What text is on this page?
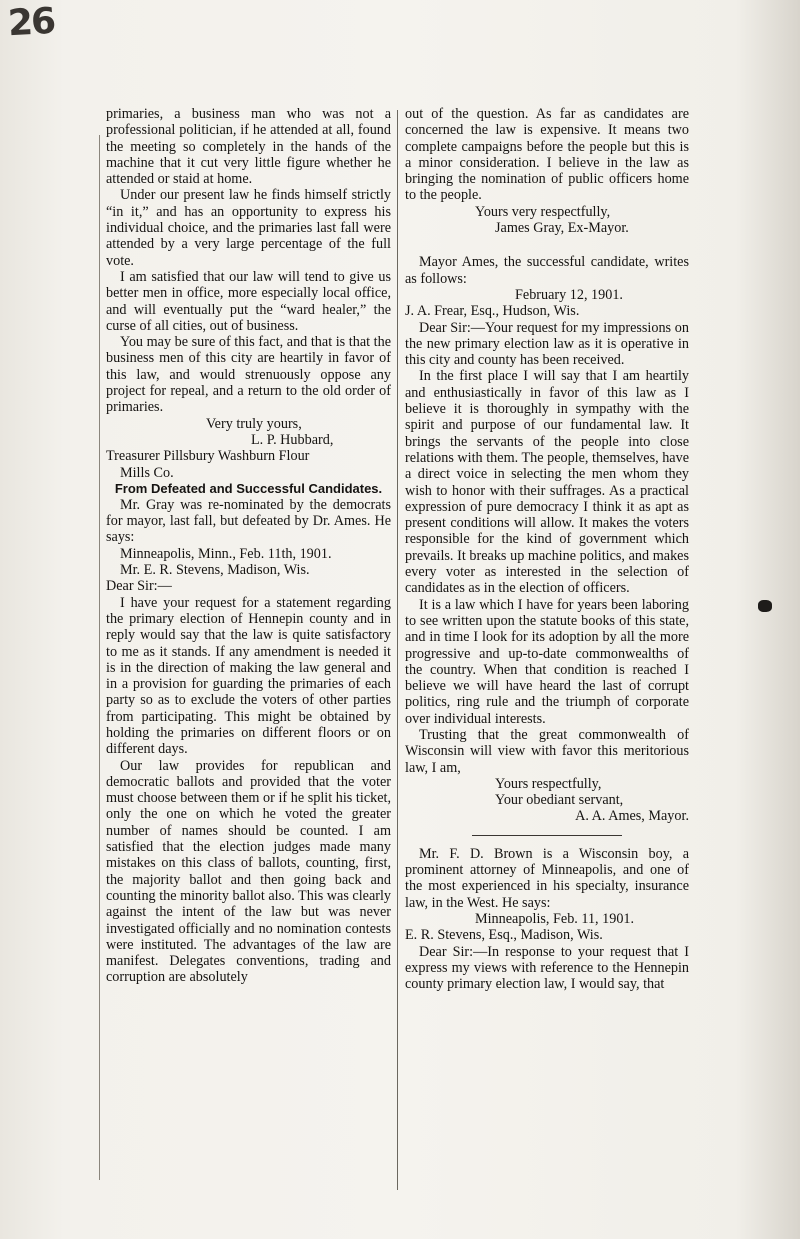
26

primaries, a business man who was not a professional politician, if he attended at all, found the meeting so completely in the hands of the machine that it cut very little figure whether he attended or staid at home.

Under our present law he finds himself strictly “in it,” and has an opportunity to express his individual choice, and the primaries last fall were attended by a very large percentage of the full vote.

I am satisfied that our law will tend to give us better men in office, more especially local office, and will eventually put the “ward healer,” the curse of all cities, out of business.

You may be sure of this fact, and that is that the business men of this city are heartily in favor of this law, and would strenuously oppose any project for repeal, and a return to the old order of primaries.

Very truly yours,

L. P. Hubbard,

Treasurer Pillsbury Washburn Flour

Mills Co.

From Defeated and Successful Candidates.

Mr. Gray was re-nominated by the democrats for mayor, last fall, but defeated by Dr. Ames. He says:

Minneapolis, Minn., Feb. 11th, 1901.

Mr. E. R. Stevens, Madison, Wis.

Dear Sir:—

I have your request for a statement regarding the primary election of Hennepin county and in reply would say that the law is quite satisfactory to me as it stands. If any amendment is needed it is in the direction of making the law general and in a provision for guarding the primaries of each party so as to exclude the voters of other parties from participating. This might be obtained by holding the primaries on different floors or on different days.

Our law provides for republican and democratic ballots and provided that the voter must choose between them or if he split his ticket, only the one on which he voted the greater number of names should be counted. I am satisfied that the election judges made many mistakes on this class of ballots, counting, first, the majority ballot and then going back and counting the minority ballot also. This was clearly against the intent of the law but was never investigated officially and no nomination contests were instituted. The advantages of the law are manifest. Delegates conventions, trading and corruption are absolutely

out of the question. As far as candidates are concerned the law is expensive. It means two complete campaigns before the people but this is a minor consideration. I believe in the law as bringing the nomination of public officers home to the people.

Yours very respectfully,

James Gray, Ex-Mayor.

Mayor Ames, the successful candidate, writes as follows:

February 12, 1901.

J. A. Frear, Esq., Hudson, Wis.

Dear Sir:—Your request for my impressions on the new primary election law as it is operative in this city and county has been received.

In the first place I will say that I am heartily and enthusiastically in favor of this law as I believe it is thoroughly in sympathy with the spirit and purpose of our fundamental law. It brings the servants of the people into close relations with them. The people, themselves, have a direct voice in selecting the men whom they wish to honor with their suffrages. As a practical expression of pure democracy I think it as apt as present conditions will allow. It makes the voters responsible for the kind of government which prevails. It breaks up machine politics, and makes every voter as interested in the selection of candidates as in the election of officers.

It is a law which I have for years been laboring to see written upon the statute books of this state, and in time I look for its adoption by all the more progressive and up-to-date commonwealths of the country. When that condition is reached I believe we will have heard the last of corrupt politics, ring rule and the triumph of corporate over individual interests.

Trusting that the great commonwealth of Wisconsin will view with favor this meritorious law, I am,

Yours respectfully,

Your obediant servant,

A. A. Ames, Mayor.

Mr. F. D. Brown is a Wisconsin boy, a prominent attorney of Minneapolis, and one of the most experienced in his specialty, insurance law, in the West. He says:

Minneapolis, Feb. 11, 1901.

E. R. Stevens, Esq., Madison, Wis.

Dear Sir:—In response to your request that I express my views with reference to the Hennepin county primary election law, I would say, that
